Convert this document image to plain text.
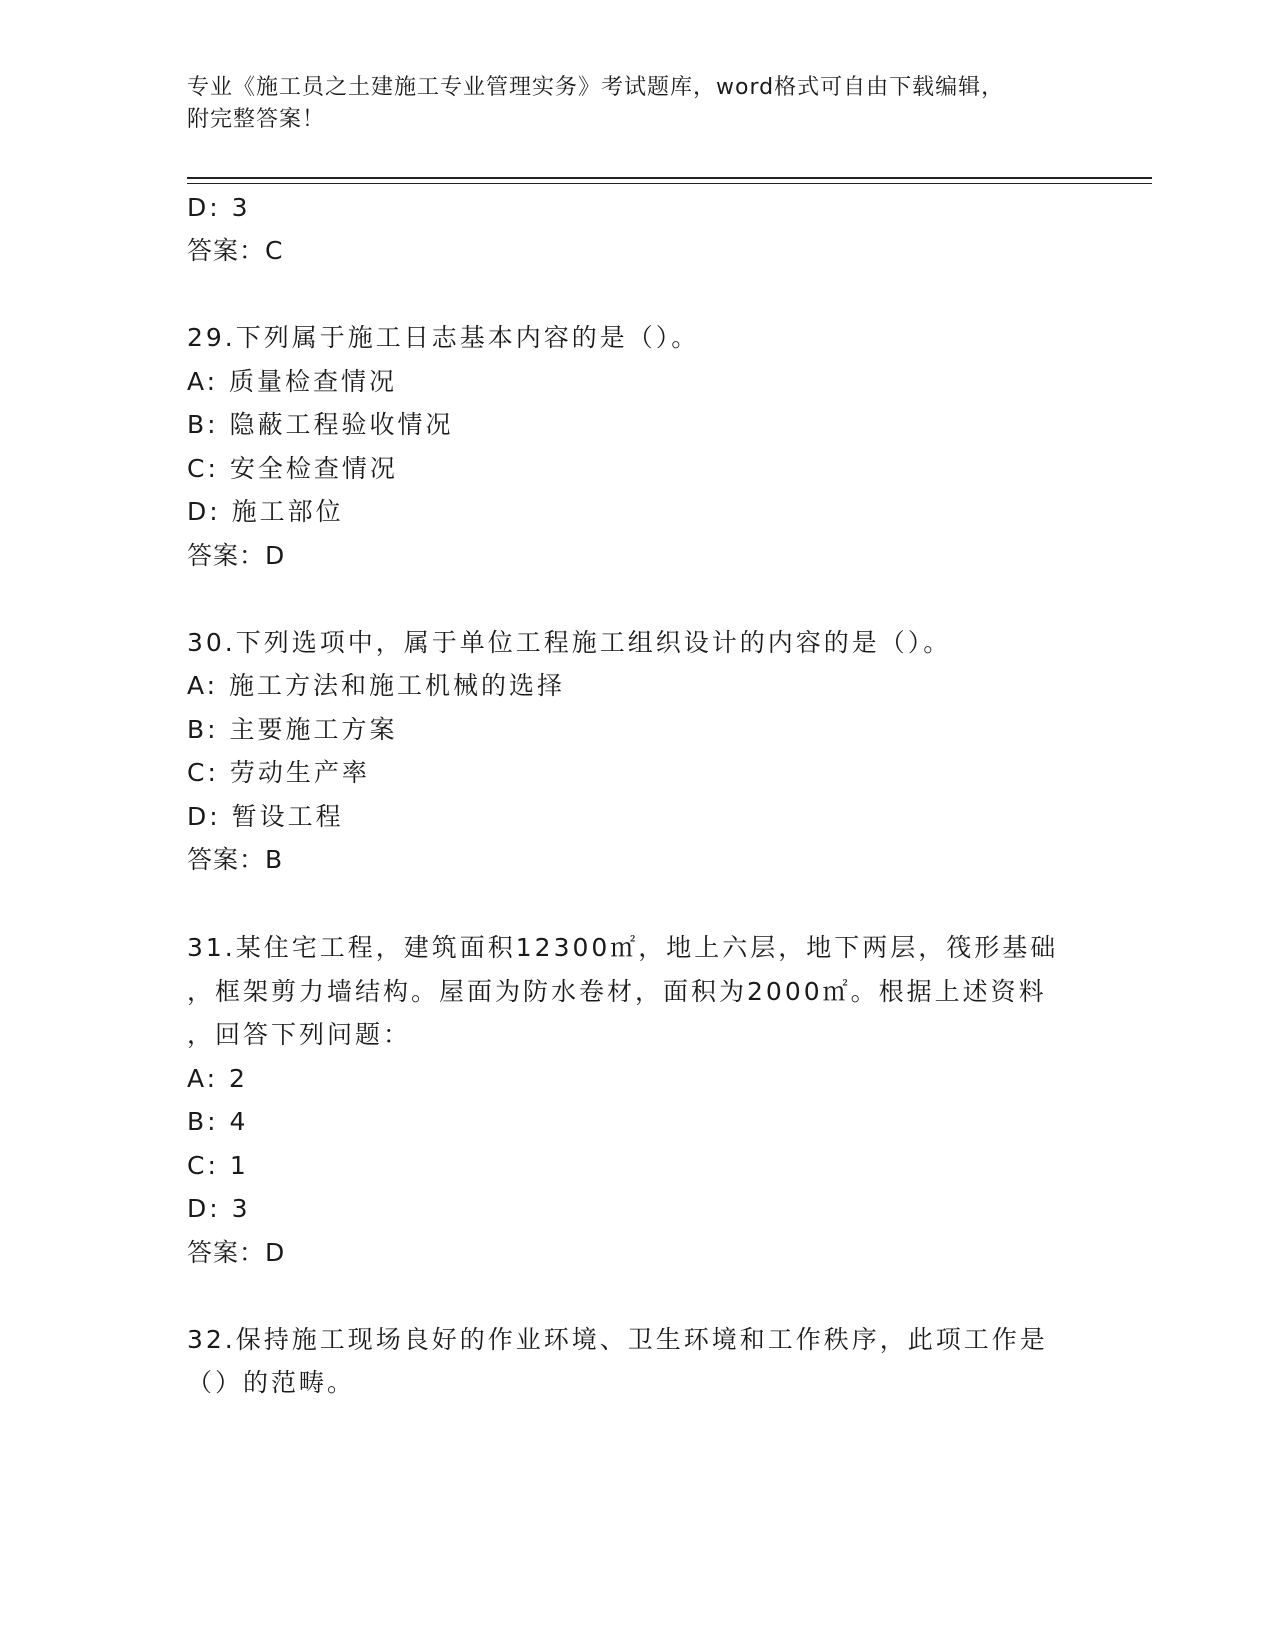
专业《施工员之土建施工专业管理实务》考试题库，word格式可自由下载编辑，
附完整答案！
D: 3
答案：C
29.下列属于施工日志基本内容的是（）。
A: 质量检查情况
B: 隐蔽工程验收情况
C: 安全检查情况
D: 施工部位
答案：D
30.下列选项中，属于单位工程施工组织设计的内容的是（）。
A: 施工方法和施工机械的选择
B: 主要施工方案
C: 劳动生产率
D: 暂设工程
答案：B
31.某住宅工程，建筑面积12300㎡，地上六层，地下两层，筏形基础
，框架剪力墙结构。屋面为防水卷材，面积为2000㎡。根据上述资料
，回答下列问题：
A: 2
B: 4
C: 1
D: 3
答案：D
32.保持施工现场良好的作业环境、卫生环境和工作秩序，此项工作是
（）的范畴。
